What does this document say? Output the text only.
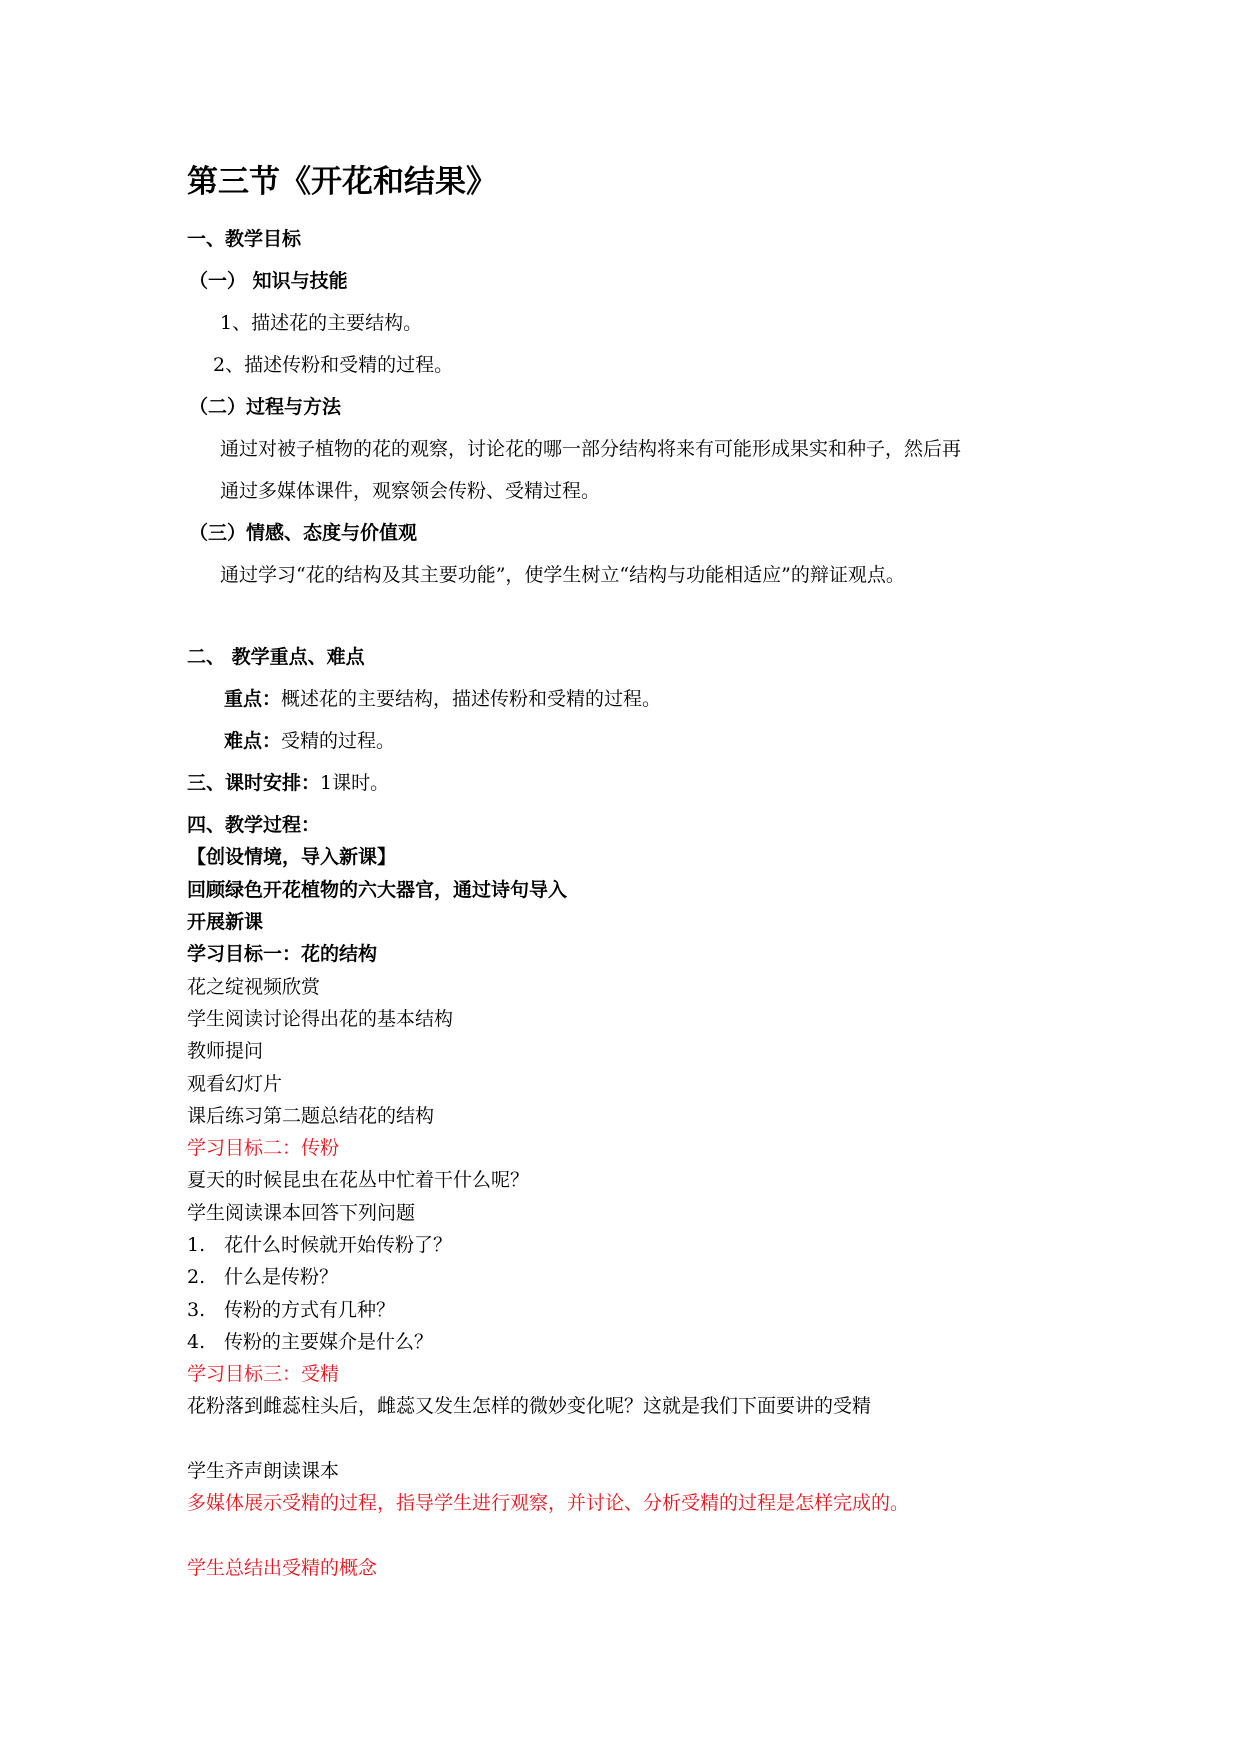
第三节《开花和结果》
一、教学目标
（一） 知识与技能
1、描述花的主要结构。
2、描述传粉和受精的过程。
（二）过程与方法
通过对被子植物的花的观察，讨论花的哪一部分结构将来有可能形成果实和种子，然后再
通过多媒体课件，观察领会传粉、受精过程。
（三）情感、态度与价值观
通过学习“花的结构及其主要功能”，使学生树立“结构与功能相适应”的辩证观点。
二、 教学重点、难点
重点：概述花的主要结构，描述传粉和受精的过程。
难点：受精的过程。
三、课时安排：1课时。
四、教学过程：
【创设情境，导入新课】
回顾绿色开花植物的六大器官，通过诗句导入
开展新课
学习目标一：花的结构
花之绽视频欣赏
学生阅读讨论得出花的基本结构
教师提问
观看幻灯片
课后练习第二题总结花的结构
学习目标二：传粉
夏天的时候昆虫在花丛中忙着干什么呢？
学生阅读课本回答下列问题
1. 花什么时候就开始传粉了？
2. 什么是传粉？
3. 传粉的方式有几种？
4. 传粉的主要媒介是什么？
学习目标三：受精
花粉落到雌蕊柱头后，雌蕊又发生怎样的微妙变化呢？这就是我们下面要讲的受精
学生齐声朗读课本
多媒体展示受精的过程，指导学生进行观察，并讨论、分析受精的过程是怎样完成的。
学生总结出受精的概念
